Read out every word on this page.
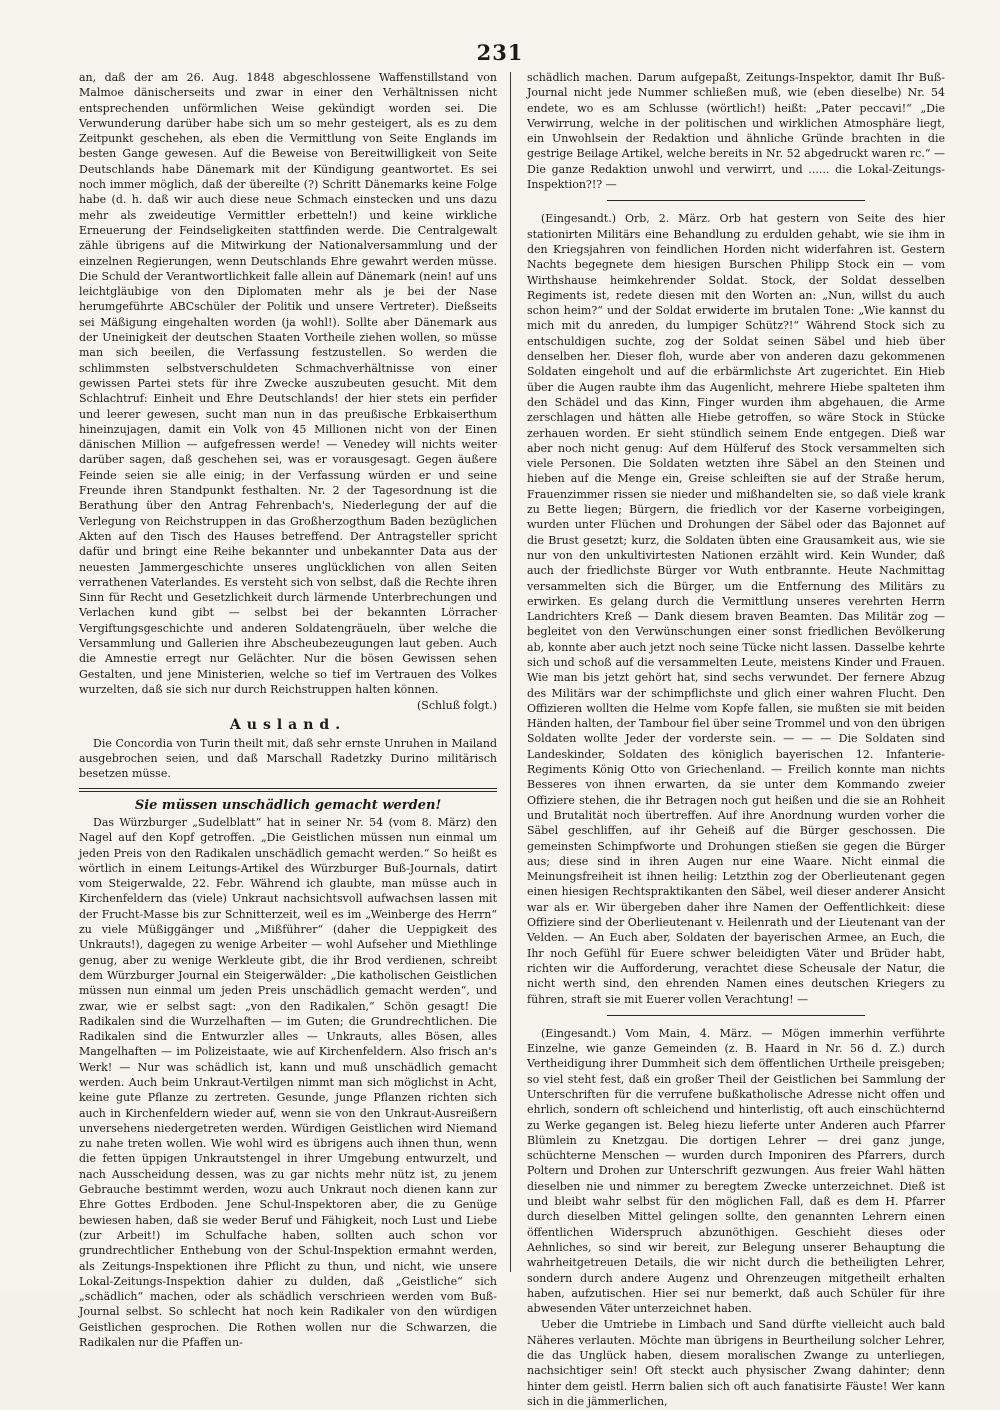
231

an, daß der am 26. Aug. 1848 abgeschlossene Waffenstillstand von Malmoe dänischerseits und zwar in einer den Verhältnissen nicht entsprechenden unförmlichen Weise gekündigt worden sei. Die Verwunderung darüber habe sich um so mehr gesteigert, als es zu dem Zeitpunkt geschehen, als eben die Vermittlung von Seite Englands im besten Gange gewesen. Auf die Beweise von Bereitwilligkeit von Seite Deutschlands habe Dänemark mit der Kündigung geantwortet. Es sei noch immer möglich, daß der übereilte (?) Schritt Dänemarks keine Folge habe (d. h. daß wir auch diese neue Schmach einstecken und uns dazu mehr als zweideutige Vermittler erbetteln!) und keine wirkliche Erneuerung der Feindseligkeiten stattfinden werde. Die Centralgewalt zähle übrigens auf die Mitwirkung der Nationalversammlung und der einzelnen Regierungen, wenn Deutschlands Ehre gewahrt werden müsse. Die Schuld der Verantwortlichkeit falle allein auf Dänemark (nein! auf uns leichtgläubige von den Diplomaten mehr als je bei der Nase herumgeführte ABCschüler der Politik und unsere Vertreter). Dießseits sei Mäßigung eingehalten worden (ja wohl!). Sollte aber Dänemark aus der Uneinigkeit der deutschen Staaten Vortheile ziehen wollen, so müsse man sich beeilen, die Verfassung festzustellen. So werden die schlimmsten selbstverschuldeten Schmachverhältnisse von einer gewissen Partei stets für ihre Zwecke auszubeuten gesucht. Mit dem Schlachtruf: Einheit und Ehre Deutschlands! der hier stets ein perfider und leerer gewesen, sucht man nun in das preußische Erbkaiserthum hineinzujagen, damit ein Volk von 45 Millionen nicht von der Einen dänischen Million — aufgefressen werde! — Venedey will nichts weiter darüber sagen, daß geschehen sei, was er vorausgesagt. Gegen äußere Feinde seien sie alle einig; in der Verfassung würden er und seine Freunde ihren Standpunkt festhalten. Nr. 2 der Tagesordnung ist die Berathung über den Antrag Fehrenbach's, Niederlegung der auf die Verlegung von Reichstruppen in das Großherzogthum Baden bezüglichen Akten auf den Tisch des Hauses betreffend. Der Antragsteller spricht dafür und bringt eine Reihe bekannter und unbekannter Data aus der neuesten Jammergeschichte unseres unglücklichen von allen Seiten verrathenen Vaterlandes. Es versteht sich von selbst, daß die Rechte ihren Sinn für Recht und Gesetzlichkeit durch lärmende Unterbrechungen und Verlachen kund gibt — selbst bei der bekannten Lörracher Vergiftungsgeschichte und anderen Soldatengräueln, über welche die Versammlung und Gallerien ihre Abscheubezeugungen laut geben. Auch die Amnestie erregt nur Gelächter. Nur die bösen Gewissen sehen Gestalten, und jene Ministerien, welche so tief im Vertrauen des Volkes wurzelten, daß sie sich nur durch Reichstruppen halten können.

(Schluß folgt.)

Ausland.

Die Concordia von Turin theilt mit, daß sehr ernste Unruhen in Mailand ausgebrochen seien, und daß Marschall Radetzky Durino militärisch besetzen müsse.

Sie müssen unschädlich gemacht werden!

Das Würzburger „Sudelblatt“ hat in seiner Nr. 54 (vom 8. März) den Nagel auf den Kopf getroffen. „Die Geistlichen müssen nun einmal um jeden Preis von den Radikalen unschädlich gemacht werden.“ So heißt es wörtlich in einem Leitungs-Artikel des Würzburger Buß-Journals, datirt vom Steigerwalde, 22. Febr. Während ich glaubte, man müsse auch in Kirchenfeldern das (viele) Unkraut nachsichtsvoll aufwachsen lassen mit der Frucht-Masse bis zur Schnitterzeit, weil es im „Weinberge des Herrn“ zu viele Müßiggänger und „Mißführer“ (daher die Ueppigkeit des Unkrauts!), dagegen zu wenige Arbeiter — wohl Aufseher und Miethlinge genug, aber zu wenige Werkleute gibt, die ihr Brod verdienen, schreibt dem Würzburger Journal ein Steigerwälder: „Die katholischen Geistlichen müssen nun einmal um jeden Preis unschädlich gemacht werden“, und zwar, wie er selbst sagt: „von den Radikalen,“ Schön gesagt! Die Radikalen sind die Wurzelhaften — im Guten; die Grundrechtlichen. Die Radikalen sind die Entwurzler alles — Unkrauts, alles Bösen, alles Mangelhaften — im Polizeistaate, wie auf Kirchenfeldern. Also frisch an's Werk! — Nur was schädlich ist, kann und muß unschädlich gemacht werden. Auch beim Unkraut-Vertilgen nimmt man sich möglichst in Acht, keine gute Pflanze zu zertreten. Gesunde, junge Pflanzen richten sich auch in Kirchenfeldern wieder auf, wenn sie von den Unkraut-Ausreißern unversehens niedergetreten werden. Würdigen Geistlichen wird Niemand zu nahe treten wollen. Wie wohl wird es übrigens auch ihnen thun, wenn die fetten üppigen Unkrautstengel in ihrer Umgebung entwurzelt, und nach Ausscheidung dessen, was zu gar nichts mehr nütz ist, zu jenem Gebrauche bestimmt werden, wozu auch Unkraut noch dienen kann zur Ehre Gottes Erdboden. Jene Schul-Inspektoren aber, die zu Genüge bewiesen haben, daß sie weder Beruf und Fähigkeit, noch Lust und Liebe (zur Arbeit!) im Schulfache haben, sollten auch schon vor grundrechtlicher Enthebung von der Schul-Inspektion ermahnt werden, als Zeitungs-Inspektionen ihre Pflicht zu thun, und nicht, wie unsere Lokal-Zeitungs-Inspektion dahier zu dulden, daß „Geistliche“ sich „schädlich“ machen, oder als schädlich verschrieen werden vom Buß-Journal selbst. So schlecht hat noch kein Radikaler von den würdigen Geistlichen gesprochen. Die Rothen wollen nur die Schwarzen, die Radikalen nur die Pfaffen un-

schädlich machen. Darum aufgepaßt, Zeitungs-Inspektor, damit Ihr Buß-Journal nicht jede Nummer schließen muß, wie (eben dieselbe) Nr. 54 endete, wo es am Schlusse (wörtlich!) heißt: „Pater peccavi!“ „Die Verwirrung, welche in der politischen und wirklichen Atmosphäre liegt, ein Unwohlsein der Redaktion und ähnliche Gründe brachten in die gestrige Beilage Artikel, welche bereits in Nr. 52 abgedruckt waren rc.“ — Die ganze Redaktion unwohl und verwirrt, und ...... die Lokal-Zeitungs-Inspektion?!? —

(Eingesandt.) Orb, 2. März. Orb hat gestern von Seite des hier stationirten Militärs eine Behandlung zu erdulden gehabt, wie sie ihm in den Kriegsjahren von feindlichen Horden nicht widerfahren ist. Gestern Nachts begegnete dem hiesigen Burschen Philipp Stock ein — vom Wirthshause heimkehrender Soldat. Stock, der Soldat desselben Regiments ist, redete diesen mit den Worten an: „Nun, willst du auch schon heim?“ und der Soldat erwiderte im brutalen Tone: „Wie kannst du mich mit du anreden, du lumpiger Schütz?!“ Während Stock sich zu entschuldigen suchte, zog der Soldat seinen Säbel und hieb über denselben her. Dieser floh, wurde aber von anderen dazu gekommenen Soldaten eingeholt und auf die erbärmlichste Art zugerichtet. Ein Hieb über die Augen raubte ihm das Augenlicht, mehrere Hiebe spalteten ihm den Schädel und das Kinn, Finger wurden ihm abgehauen, die Arme zerschlagen und hätten alle Hiebe getroffen, so wäre Stock in Stücke zerhauen worden. Er sieht stündlich seinem Ende entgegen. Dieß war aber noch nicht genug: Auf dem Hülferuf des Stock versammelten sich viele Personen. Die Soldaten wetzten ihre Säbel an den Steinen und hieben auf die Menge ein, Greise schleiften sie auf der Straße herum, Frauenzimmer rissen sie nieder und mißhandelten sie, so daß viele krank zu Bette liegen; Bürgern, die friedlich vor der Kaserne vorbeigingen, wurden unter Flüchen und Drohungen der Säbel oder das Bajonnet auf die Brust gesetzt; kurz, die Soldaten übten eine Grausamkeit aus, wie sie nur von den unkultivirtesten Nationen erzählt wird. Kein Wunder, daß auch der friedlichste Bürger vor Wuth entbrannte. Heute Nachmittag versammelten sich die Bürger, um die Entfernung des Militärs zu erwirken. Es gelang durch die Vermittlung unseres verehrten Herrn Landrichters Kreß — Dank diesem braven Beamten. Das Militär zog — begleitet von den Verwünschungen einer sonst friedlichen Bevölkerung ab, konnte aber auch jetzt noch seine Tücke nicht lassen. Dasselbe kehrte sich und schoß auf die versammelten Leute, meistens Kinder und Frauen. Wie man bis jetzt gehört hat, sind sechs verwundet. Der fernere Abzug des Militärs war der schimpflichste und glich einer wahren Flucht. Den Offizieren wollten die Helme vom Kopfe fallen, sie mußten sie mit beiden Händen halten, der Tambour fiel über seine Trommel und von den übrigen Soldaten wollte Jeder der vorderste sein. — — — Die Soldaten sind Landeskinder, Soldaten des königlich bayerischen 12. Infanterie-Regiments König Otto von Griechenland. — Freilich konnte man nichts Besseres von ihnen erwarten, da sie unter dem Kommando zweier Offiziere stehen, die ihr Betragen noch gut heißen und die sie an Rohheit und Brutalität noch übertreffen. Auf ihre Anordnung wurden vorher die Säbel geschliffen, auf ihr Geheiß auf die Bürger geschossen. Die gemeinsten Schimpfworte und Drohungen stießen sie gegen die Bürger aus; diese sind in ihren Augen nur eine Waare. Nicht einmal die Meinungsfreiheit ist ihnen heilig: Letzthin zog der Oberlieutenant gegen einen hiesigen Rechtspraktikanten den Säbel, weil dieser anderer Ansicht war als er. Wir übergeben daher ihre Namen der Oeffentlichkeit: diese Offiziere sind der Oberlieutenant v. Heilenrath und der Lieutenant van der Velden. — An Euch aber, Soldaten der bayerischen Armee, an Euch, die Ihr noch Gefühl für Euere schwer beleidigten Väter und Brüder habt, richten wir die Aufforderung, verachtet diese Scheusale der Natur, die nicht werth sind, den ehrenden Namen eines deutschen Kriegers zu führen, straft sie mit Euerer vollen Verachtung! —

(Eingesandt.) Vom Main, 4. März. — Mögen immerhin verführte Einzelne, wie ganze Gemeinden (z. B. Haard in Nr. 56 d. Z.) durch Vertheidigung ihrer Dummheit sich dem öffentlichen Urtheile preisgeben; so viel steht fest, daß ein großer Theil der Geistlichen bei Sammlung der Unterschriften für die verrufene bußkatholische Adresse nicht offen und ehrlich, sondern oft schleichend und hinterlistig, oft auch einschüchternd zu Werke gegangen ist. Beleg hiezu lieferte unter Anderen auch Pfarrer Blümlein zu Knetzgau. Die dortigen Lehrer — drei ganz junge, schüchterne Menschen — wurden durch Imponiren des Pfarrers, durch Poltern und Drohen zur Unterschrift gezwungen. Aus freier Wahl hätten dieselben nie und nimmer zu beregtem Zwecke unterzeichnet. Dieß ist und bleibt wahr selbst für den möglichen Fall, daß es dem H. Pfarrer durch dieselben Mittel gelingen sollte, den genannten Lehrern einen öffentlichen Widerspruch abzunöthigen. Geschieht dieses oder Aehnliches, so sind wir bereit, zur Belegung unserer Behauptung die wahrheitgetreuen Details, die wir nicht durch die betheiligten Lehrer, sondern durch andere Augenz und Ohrenzeugen mitgetheilt erhalten haben, aufzutischen. Hier sei nur bemerkt, daß auch Schüler für ihre abwesenden Väter unterzeichnet haben.

Ueber die Umtriebe in Limbach und Sand dürfte vielleicht auch bald Näheres verlauten. Möchte man übrigens in Beurtheilung solcher Lehrer, die das Unglück haben, diesem moralischen Zwange zu unterliegen, nachsichtiger sein! Oft steckt auch physischer Zwang dahinter; denn hinter dem geistl. Herrn balien sich oft auch fanatisirte Fäuste! Wer kann sich in die jämmerlichen,
